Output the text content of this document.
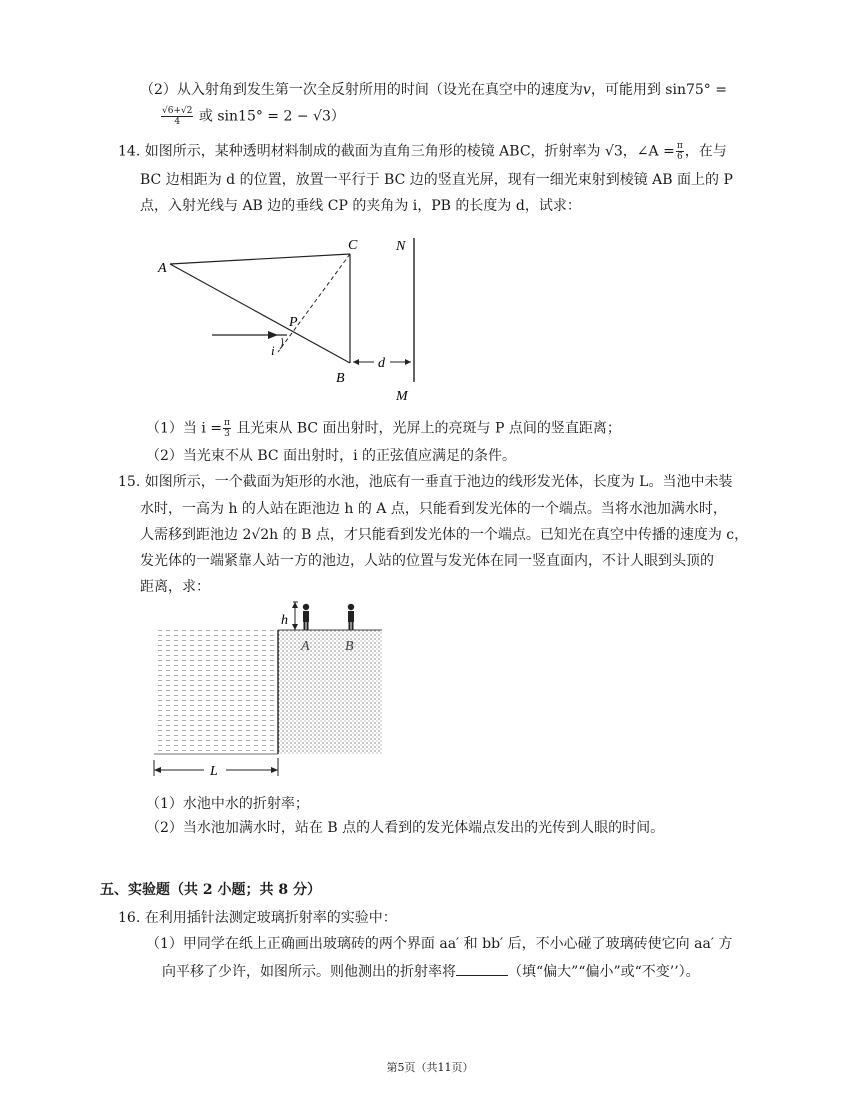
（2）从入射角到发生第一次全反射所用的时间（设光在真空中的速度为v，可能用到 sin75° =
$\frac{√6+√2}{4}$ 或 sin15° = 2 − √3）
14. 如图所示，某种透明材料制成的截面为直角三角形的棱镜 ABC，折射率为 √3，∠A = $\frac{\pi}{6}$ ，在与
BC 边相距为 d 的位置，放置一平行于 BC 边的竖直光屏，现有一细光束射到棱镜 AB 面上的 P
点，入射光线与 AB 边的垂线 CP 的夹角为 i，PB 的长度为 d，试求：
A
C
B
P
i
d
N
M
（1）当 $i = \frac{\pi}{3}$ 且光束从 BC 面出射时，光屏上的亮斑与 P 点间的竖直距离；
（2）当光束不从 BC 面出射时，i 的正弦值应满足的条件。
15. 如图所示，一个截面为矩形的水池，池底有一垂直于池边的线形发光体，长度为 L。当池中未装
水时，一高为 h 的人站在距池边 h 的 A 点，只能看到发光体的一个端点。当将水池加满水时，
人需移到距池边 2√2h 的 B 点，才只能看到发光体的一个端点。已知光在真空中传播的速度为 c，
发光体的一端紧靠人站一方的池边，人站的位置与发光体在同一竖直面内，不计人眼到头顶的
距离，求：
h
A	B
L
（1）水池中水的折射率；
（2）当水池加满水时，站在 B 点的人看到的发光体端点发出的光传到人眼的时间。
五、实验题（共 2 小题；共 8 分）
16. 在利用插针法测定玻璃折射率的实验中：
（1）甲同学在纸上正确画出玻璃砖的两个界面 aa′ 和 bb′ 后，不小心碰了玻璃砖使它向 aa′ 方
向平移了少许，如图所示。则他测出的折射率将	（填“偏大”“偏小”或“不变’’）。
第5页（共11页）
